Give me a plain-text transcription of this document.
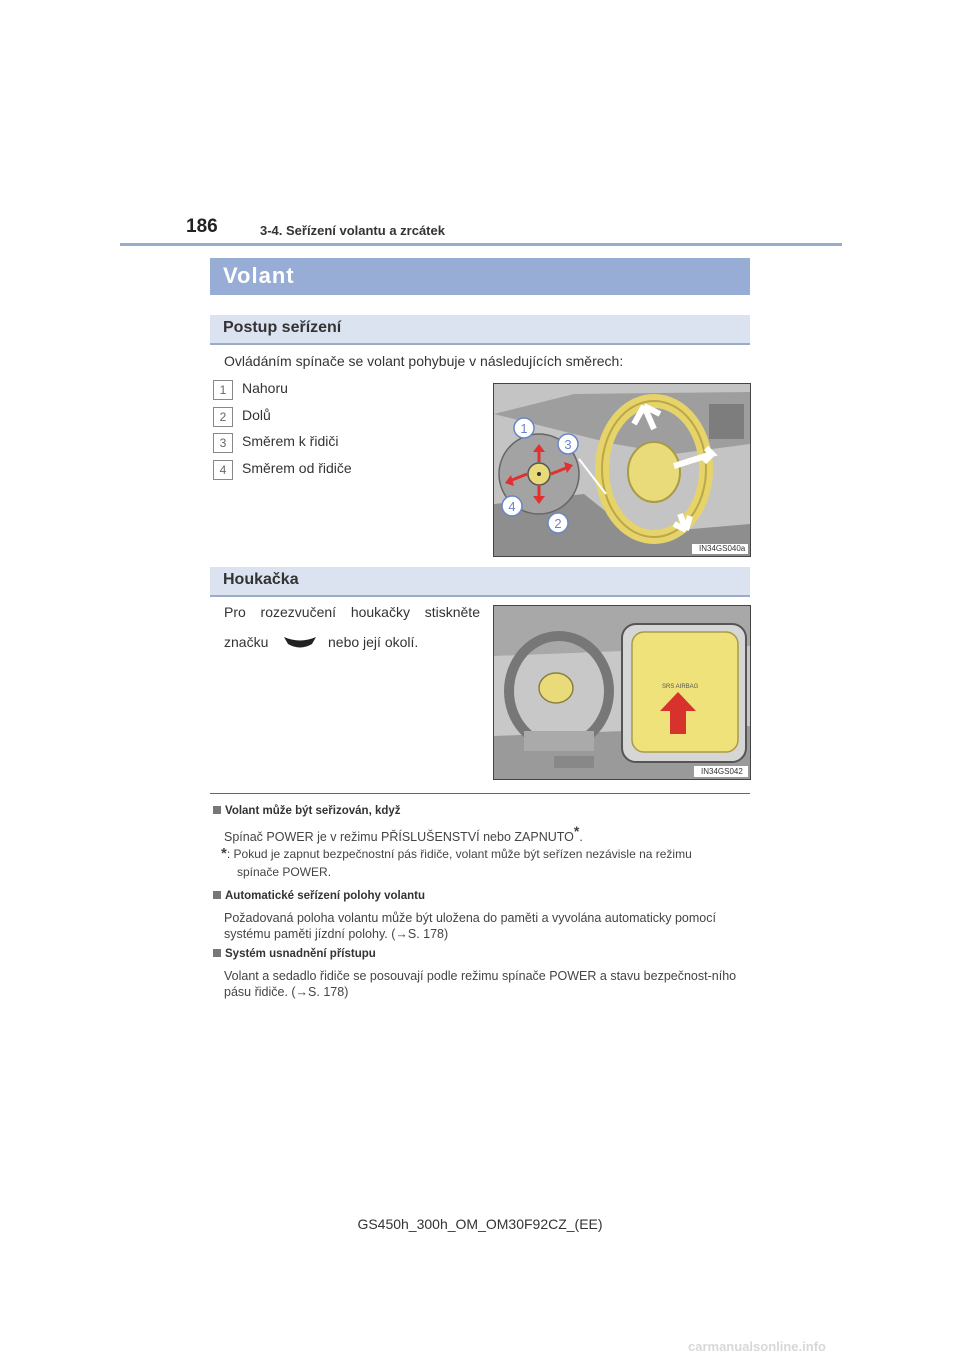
186	3-4. Seřízení volantu a zrcátek
Volant
Postup seřízení
Ovládáním spínače se volant pohybuje v následujících směrech:
1	Nahoru
2	Dolů
3	Směrem k řidiči
4	Směrem od řidiče
1
3
4
2
IN34GS040a
Houkačka
Pro rozezvučení houkačky stiskněte
značku	nebo její okolí.
SRS AIRBAG
IN34GS042
Volant může být seřizován, když
Spínač POWER je v režimu PŘÍSLUŠENSTVÍ nebo ZAPNUTO*.
*: Pokud je zapnut bezpečnostní pás řidiče, volant může být seřízen nezávisle na režimu
spínače POWER.
Automatické seřízení polohy volantu
Požadovaná poloha volantu může být uložena do paměti a vyvolána automaticky pomocí systému paměti jízdní polohy. (→S. 178)
Systém usnadnění přístupu
Volant a sedadlo řidiče se posouvají podle režimu spínače POWER a stavu bezpečnost-ního pásu řidiče. (→S. 178)
GS450h_300h_OM_OM30F92CZ_(EE)
carmanualsonline.info
